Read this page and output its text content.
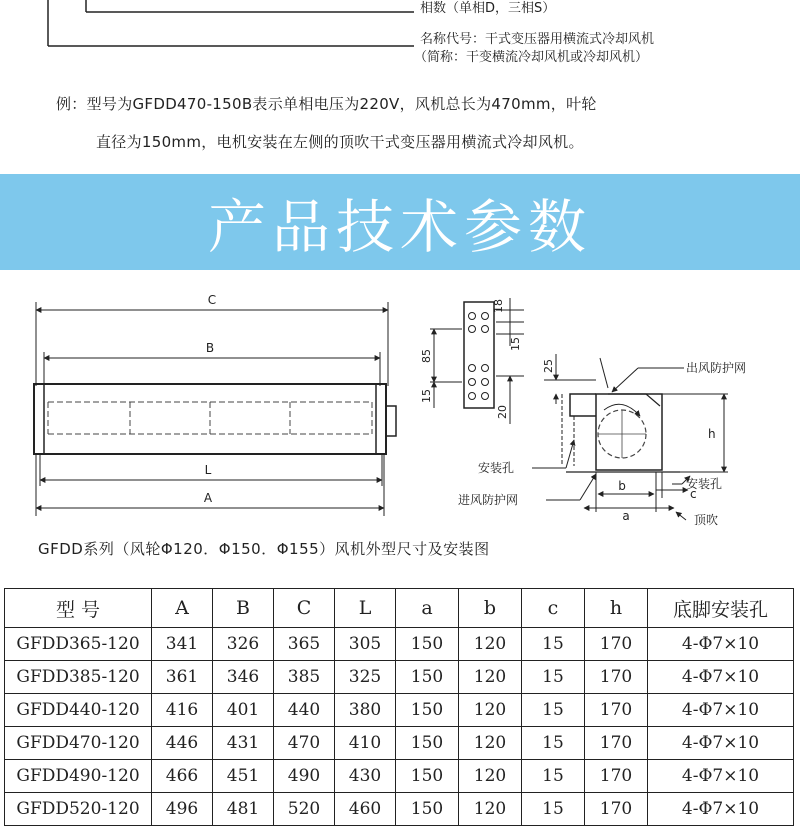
相数（单相D，三相S）
名称代号：干式变压器用横流式冷却风机
（简称：干变横流冷却风机或冷却风机）
例：型号为GFDD470-150B表示单相电压为220V，风机总长为470mm，叶轮
直径为150mm，电机安装在左侧的顶吹干式变压器用横流式冷却风机。
产品技术参数
C
B
L
A
18
15
85
15
20
25	出风防护网
安装孔
安装孔
进风防护网
b
a
c
h
顶吹
GFDD系列（风轮Φ120．Φ150．Φ155）风机外型尺寸及安装图
型 号	A	B	C	L	a	b	c	h	底脚安装孔
GFDD365-120	341	326	365	305	150	120	15	170	4-Φ7×10
GFDD385-120	361	346	385	325	150	120	15	170	4-Φ7×10
GFDD440-120	416	401	440	380	150	120	15	170	4-Φ7×10
GFDD470-120	446	431	470	410	150	120	15	170	4-Φ7×10
GFDD490-120	466	451	490	430	150	120	15	170	4-Φ7×10
GFDD520-120	496	481	520	460	150	120	15	170	4-Φ7×10
